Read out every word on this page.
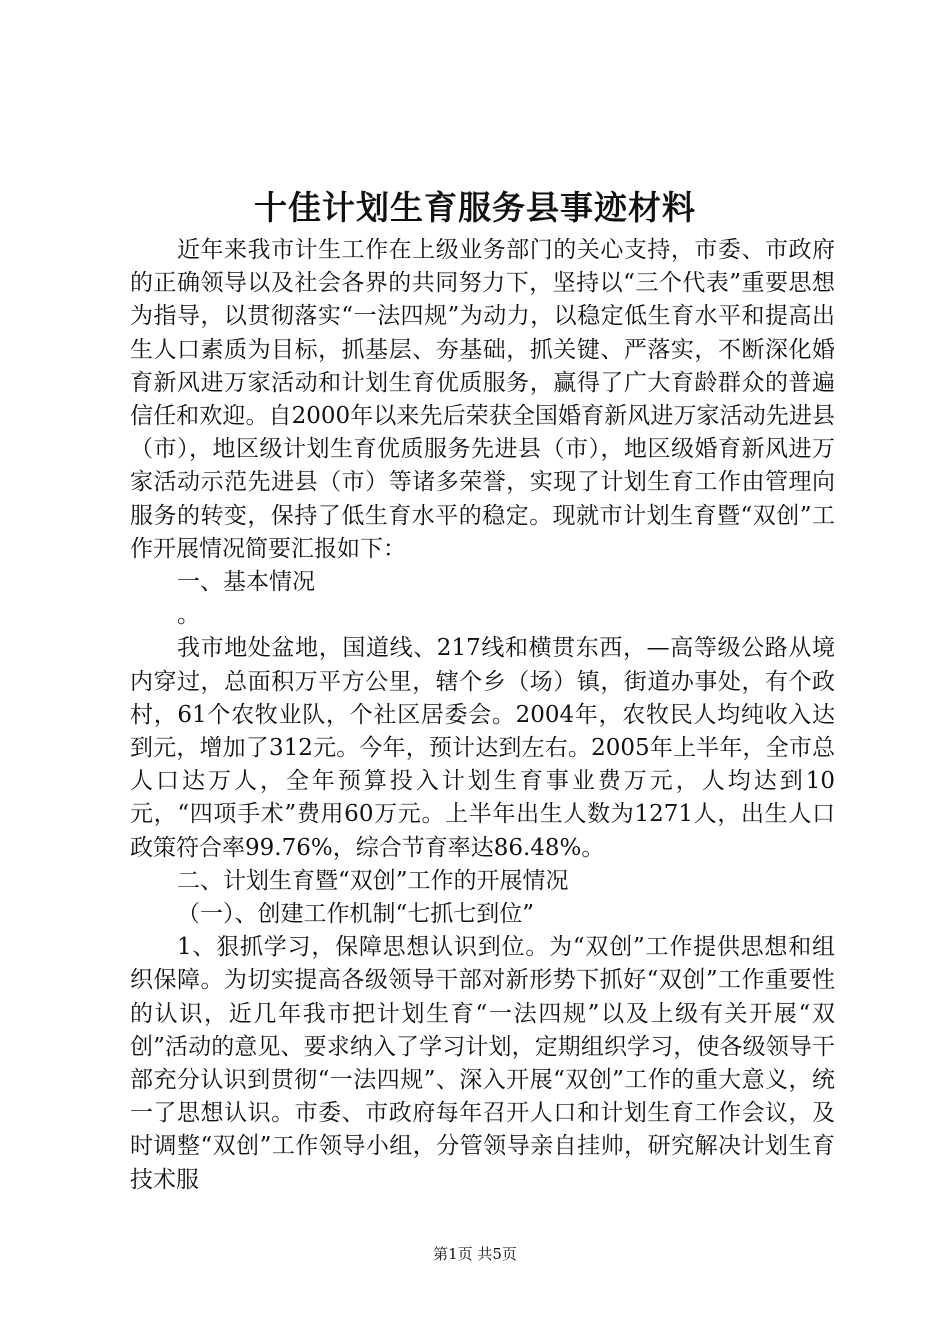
十佳计划生育服务县事迹材料

近年来我市计生工作在上级业务部门的关心支持，市委、市政府的正确领导以及社会各界的共同努力下，坚持以“三个代表”重要思想为指导，以贯彻落实“一法四规”为动力，以稳定低生育水平和提高出生人口素质为目标，抓基层、夯基础，抓关键、严落实，不断深化婚育新风进万家活动和计划生育优质服务，赢得了广大育龄群众的普遍信任和欢迎。自2000年以来先后荣获全国婚育新风进万家活动先进县（市），地区级计划生育优质服务先进县（市），地区级婚育新风进万家活动示范先进县（市）等诸多荣誉，实现了计划生育工作由管理向服务的转变，保持了低生育水平的稳定。现就市计划生育暨“双创”工作开展情况简要汇报如下：

一、基本情况

。

我市地处盆地，国道线、217线和横贯东西，—高等级公路从境内穿过，总面积万平方公里，辖个乡（场）镇，街道办事处，有个政村，61个农牧业队，个社区居委会。2004年，农牧民人均纯收入达到元，增加了312元。今年，预计达到左右。2005年上半年，全市总人口达万人，全年预算投入计划生育事业费万元，人均达到10元，“四项手术”费用60万元。上半年出生人数为1271人，出生人口政策符合率99.76%，综合节育率达86.48%。

二、计划生育暨“双创”工作的开展情况

（一）、创建工作机制“七抓七到位”

1、狠抓学习，保障思想认识到位。为“双创”工作提供思想和组织保障。为切实提高各级领导干部对新形势下抓好“双创”工作重要性的认识，近几年我市把计划生育“一法四规”以及上级有关开展“双创”活动的意见、要求纳入了学习计划，定期组织学习，使各级领导干部充分认识到贯彻“一法四规”、深入开展“双创”工作的重大意义，统一了思想认识。市委、市政府每年召开人口和计划生育工作会议，及时调整“双创”工作领导小组，分管领导亲自挂帅，研究解决计划生育技术服

第1页 共5页
